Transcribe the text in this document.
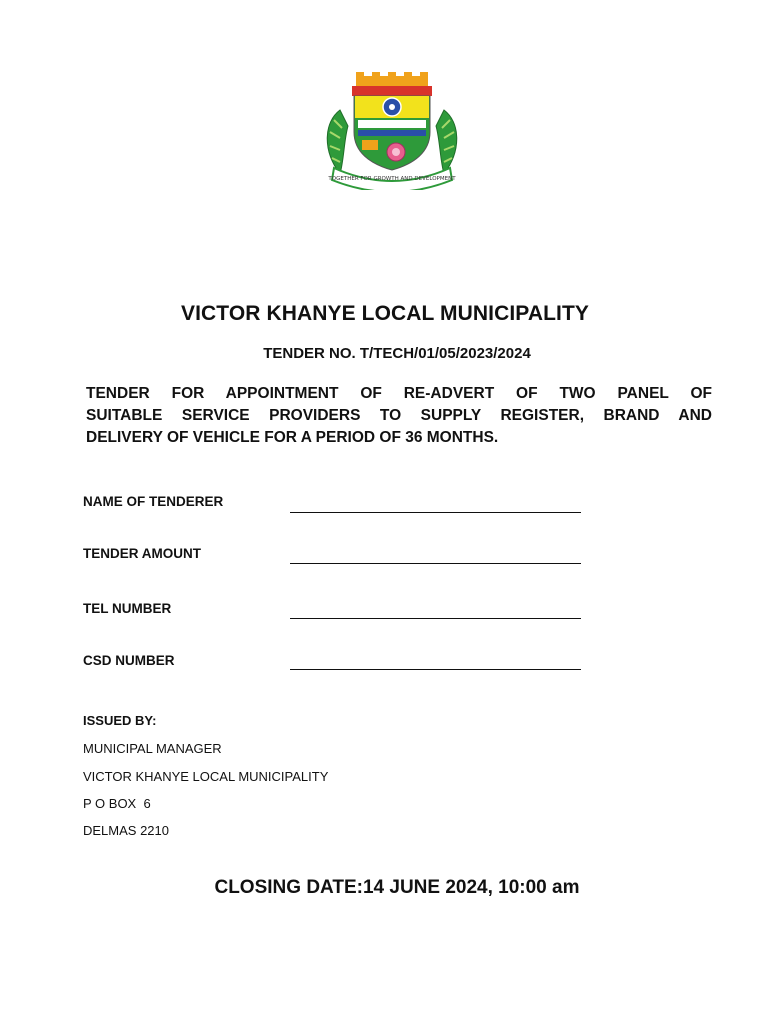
TOGETHER FOR GROWTH AND DEVELOPMENT
VICTOR KHANYE LOCAL MUNICIPALITY
TENDER NO. T/TECH/01/05/2023/2024
TENDER FOR APPOINTMENT OF RE-ADVERT OF TWO PANEL OF
SUITABLE SERVICE PROVIDERS TO SUPPLY REGISTER, BRAND AND
DELIVERY OF VEHICLE FOR A PERIOD OF 36 MONTHS.
NAME OF TENDERER
TENDER AMOUNT
TEL NUMBER
CSD NUMBER
ISSUED BY:
MUNICIPAL MANAGER
VICTOR KHANYE LOCAL MUNICIPALITY
P O BOX  6
DELMAS 2210
CLOSING DATE:14 JUNE 2024, 10:00 am
